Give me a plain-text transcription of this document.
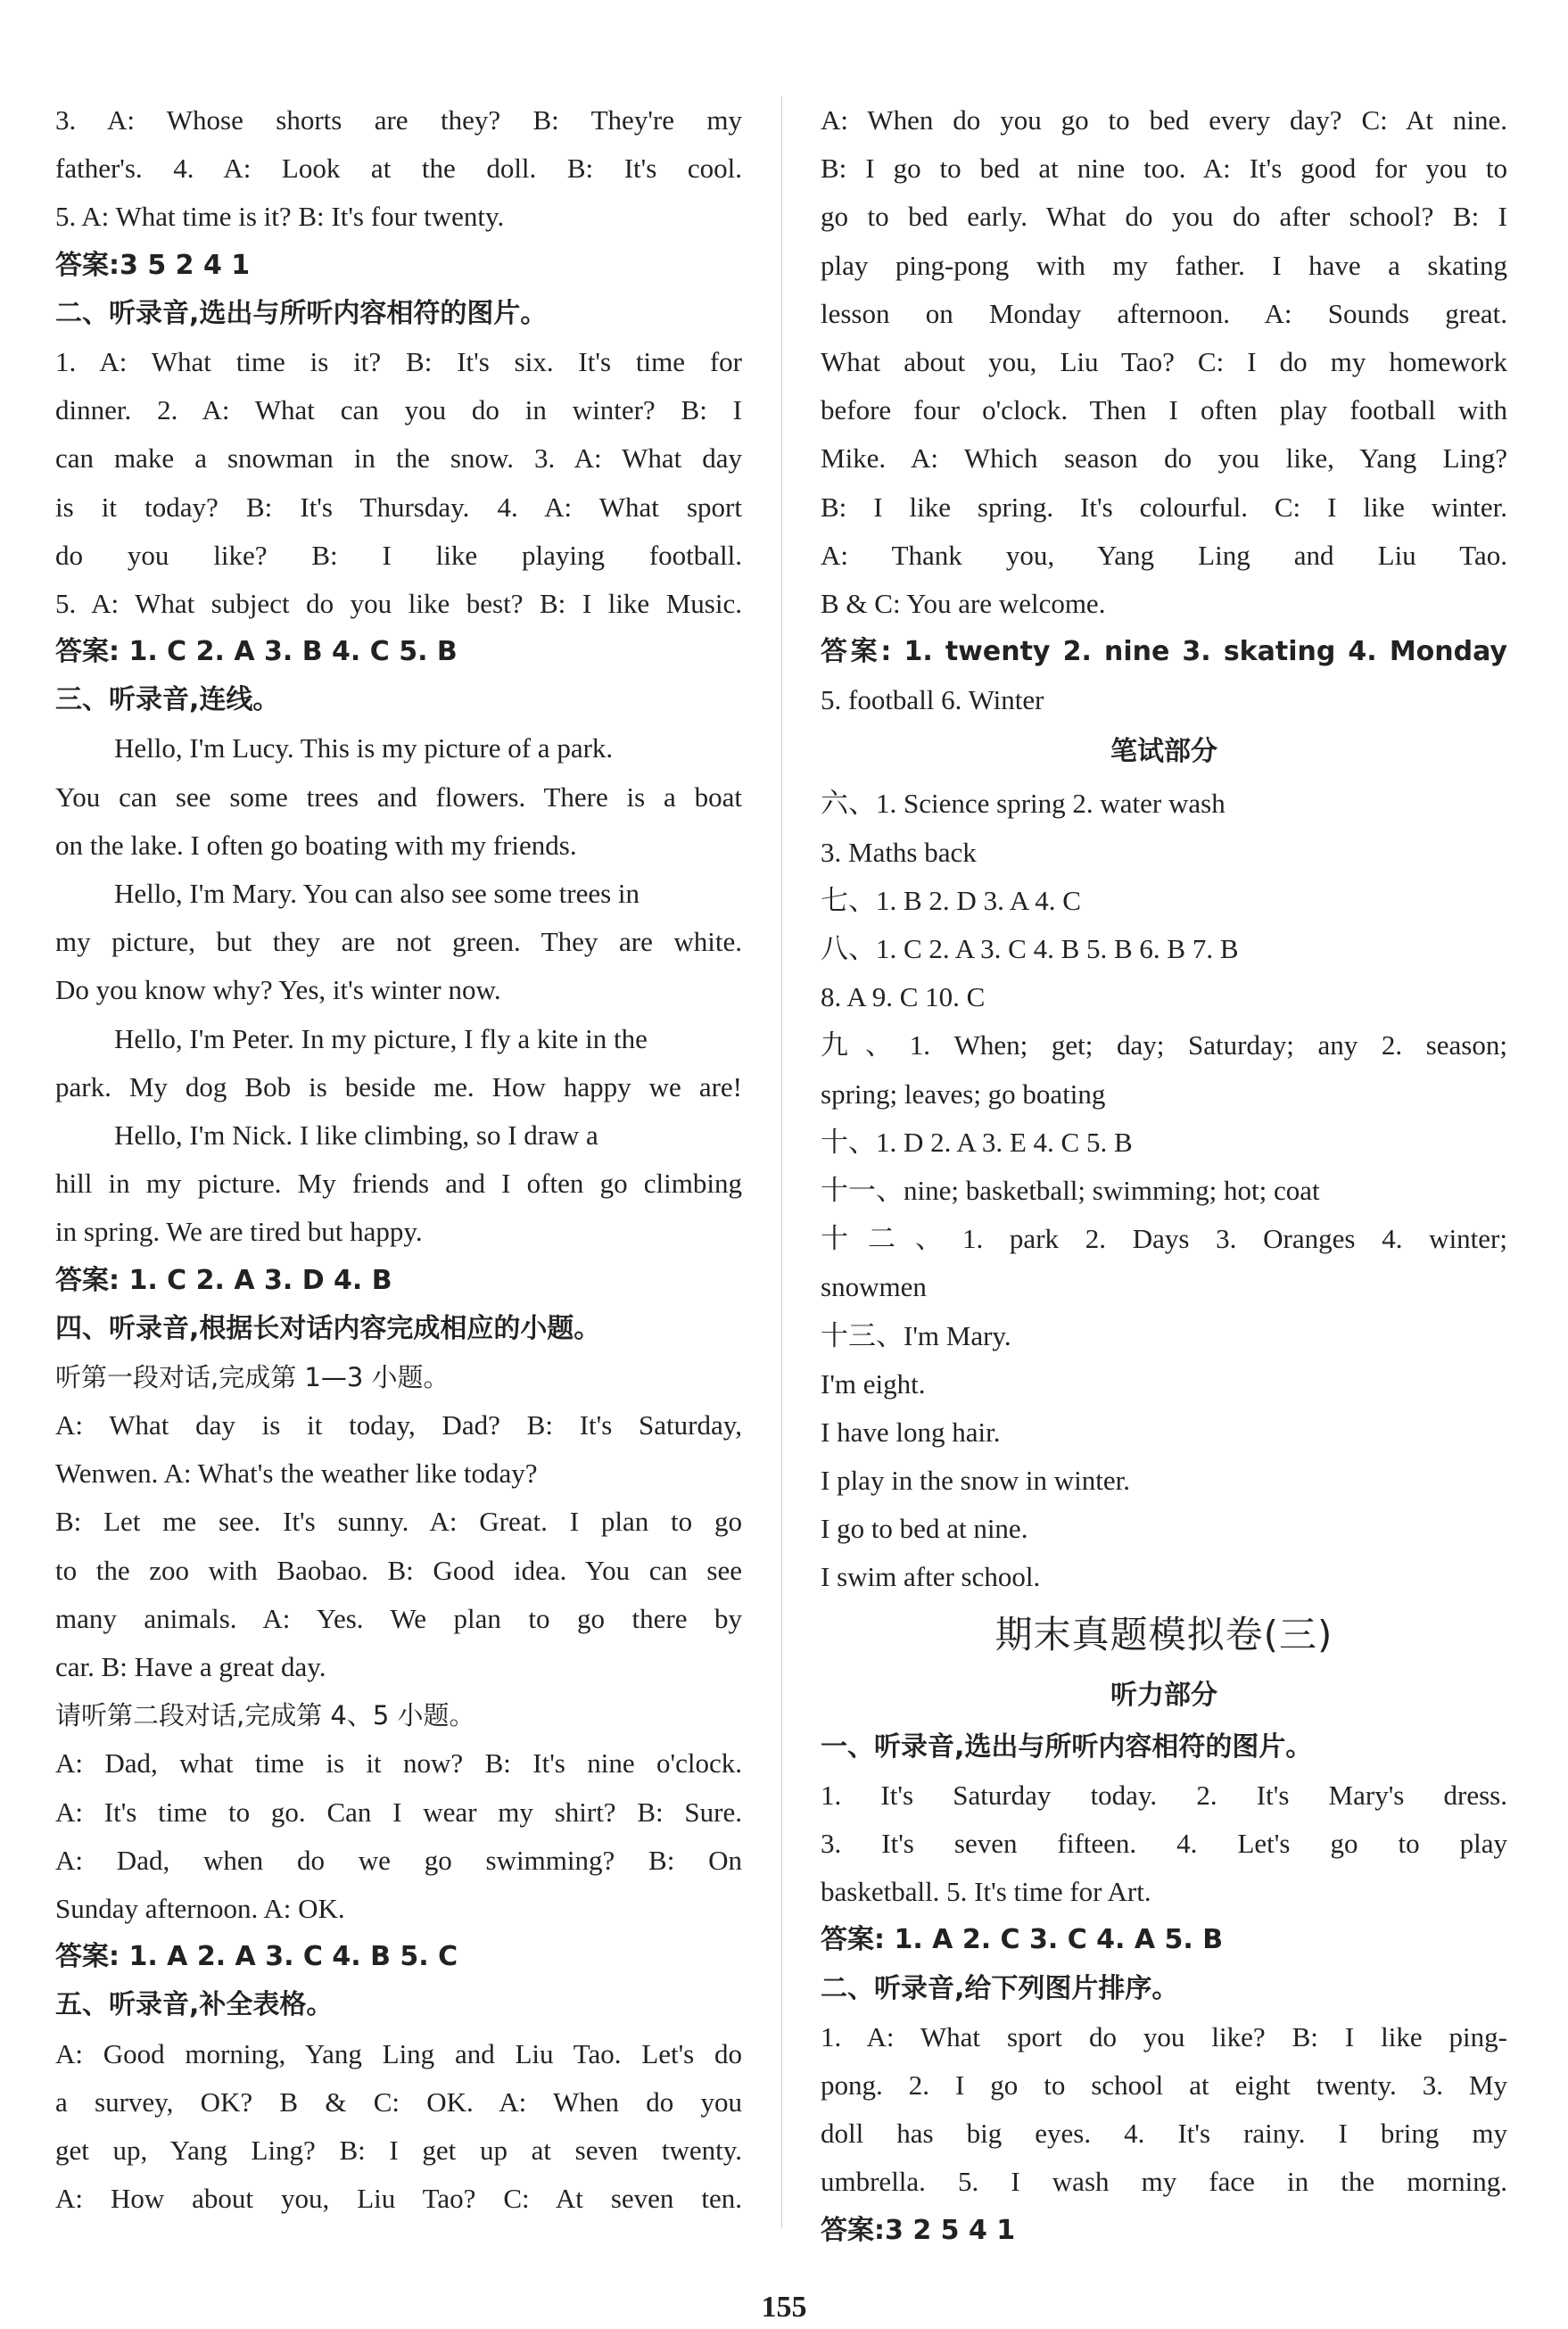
3. A: Whose shorts are they? B: They're my
father's. 4. A: Look at the doll. B: It's cool.
5. A: What time is it? B: It's four twenty.
答案:3 5 2 4 1
二、听录音,选出与所听内容相符的图片。
1. A: What time is it? B: It's six. It's time for
dinner. 2. A: What can you do in winter? B: I
can make a snowman in the snow. 3. A: What day
is it today? B: It's Thursday. 4. A: What sport
do you like? B: I like playing football.
5. A: What subject do you like best? B: I like Music.
答案: 1. C 2. A 3. B 4. C 5. B
三、听录音,连线。
Hello, I'm Lucy. This is my picture of a park.
You can see some trees and flowers. There is a boat
on the lake. I often go boating with my friends.
Hello, I'm Mary. You can also see some trees in
my picture, but they are not green. They are white.
Do you know why? Yes, it's winter now.
Hello, I'm Peter. In my picture, I fly a kite in the
park. My dog Bob is beside me. How happy we are!
Hello, I'm Nick. I like climbing, so I draw a
hill in my picture. My friends and I often go climbing
in spring. We are tired but happy.
答案: 1. C 2. A 3. D 4. B
四、听录音,根据长对话内容完成相应的小题。
听第一段对话,完成第 1—3 小题。
A: What day is it today, Dad? B: It's Saturday,
Wenwen. A: What's the weather like today?
B: Let me see. It's sunny. A: Great. I plan to go
to the zoo with Baobao. B: Good idea. You can see
many animals. A: Yes. We plan to go there by
car. B: Have a great day.
请听第二段对话,完成第 4、5 小题。
A: Dad, what time is it now? B: It's nine o'clock.
A: It's time to go. Can I wear my shirt? B: Sure.
A: Dad, when do we go swimming? B: On
Sunday afternoon. A: OK.
答案: 1. A 2. A 3. C 4. B 5. C
五、听录音,补全表格。
A: Good morning, Yang Ling and Liu Tao. Let's do
a survey, OK? B & C: OK. A: When do you
get up, Yang Ling? B: I get up at seven twenty.
A: How about you, Liu Tao? C: At seven ten.
A: When do you go to bed every day? C: At nine.
B: I go to bed at nine too. A: It's good for you to
go to bed early. What do you do after school? B: I
play ping-pong with my father. I have a skating
lesson on Monday afternoon. A: Sounds great.
What about you, Liu Tao? C: I do my homework
before four o'clock. Then I often play football with
Mike. A: Which season do you like, Yang Ling?
B: I like spring. It's colourful. C: I like winter.
A: Thank you, Yang Ling and Liu Tao.
B & C: You are welcome.
答案: 1. twenty 2. nine 3. skating 4. Monday
5. football 6. Winter
笔试部分
六、1. Science spring 2. water wash
3. Maths back
七、1. B 2. D 3. A 4. C
八、1. C 2. A 3. C 4. B 5. B 6. B 7. B
8. A 9. C 10. C
九、1. When; get; day; Saturday; any 2. season;
spring; leaves; go boating
十、1. D 2. A 3. E 4. C 5. B
十一、nine; basketball; swimming; hot; coat
十二、1. park 2. Days 3. Oranges 4. winter;
snowmen
十三、I'm Mary.
I'm eight.
I have long hair.
I play in the snow in winter.
I go to bed at nine.
I swim after school.
期末真题模拟卷(三)
听力部分
一、听录音,选出与所听内容相符的图片。
1. It's Saturday today. 2. It's Mary's dress.
3. It's seven fifteen. 4. Let's go to play
basketball. 5. It's time for Art.
答案: 1. A 2. C 3. C 4. A 5. B
二、听录音,给下列图片排序。
1. A: What sport do you like? B: I like ping-
pong. 2. I go to school at eight twenty. 3. My
doll has big eyes. 4. It's rainy. I bring my
umbrella. 5. I wash my face in the morning.
答案:3 2 5 4 1
155
